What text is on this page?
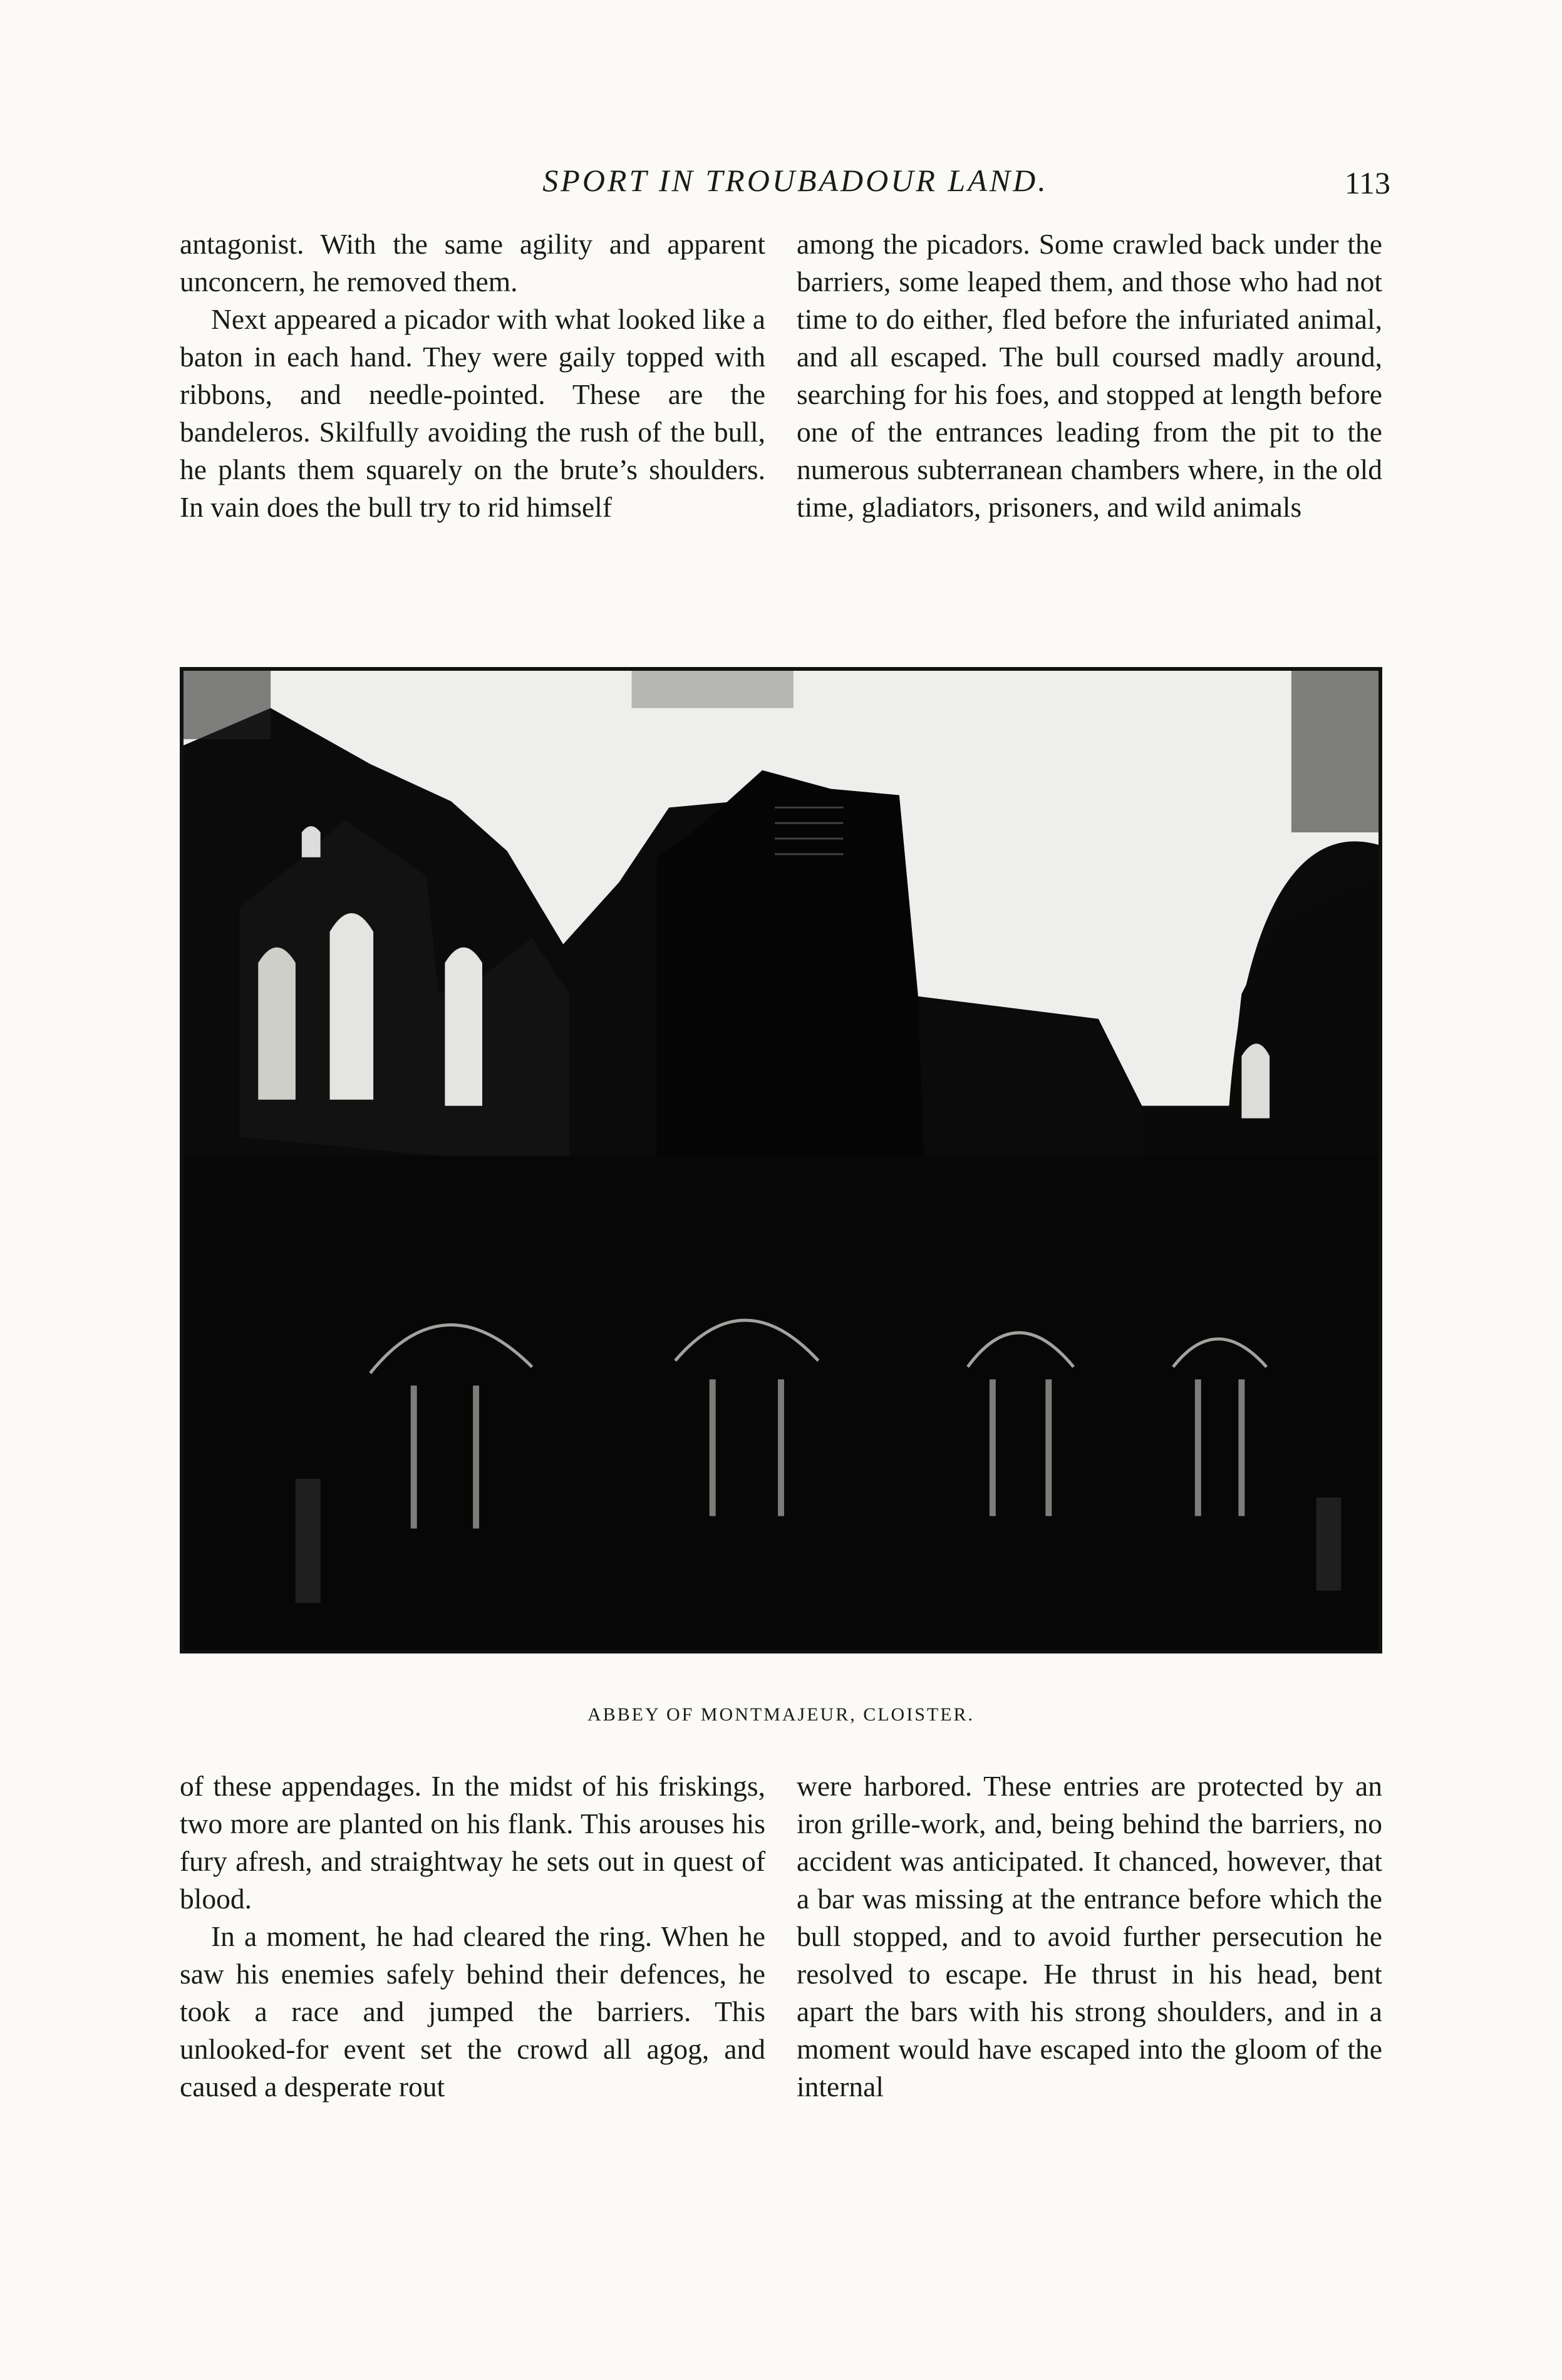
SPORT IN TROUBADOUR LAND.	113

antagonist. With the same agility and apparent unconcern, he removed them.

Next appeared a picador with what looked like a baton in each hand. They were gaily topped with ribbons, and needle-pointed. These are the bandeleros. Skilfully avoiding the rush of the bull, he plants them squarely on the brute’s shoulders. In vain does the bull try to rid himself

among the picadors. Some crawled back under the barriers, some leaped them, and those who had not time to do either, fled before the infuriated animal, and all escaped. The bull coursed madly around, searching for his foes, and stopped at length before one of the entrances leading from the pit to the numerous subterranean chambers where, in the old time, gladiators, prisoners, and wild animals

ABBEY OF MONTMAJEUR, CLOISTER.

of these appendages. In the midst of his friskings, two more are planted on his flank. This arouses his fury afresh, and straightway he sets out in quest of blood.

In a moment, he had cleared the ring. When he saw his enemies safely behind their defences, he took a race and jumped the barriers. This unlooked-for event set the crowd all agog, and caused a desperate rout

were harbored. These entries are protected by an iron grille-work, and, being behind the barriers, no accident was anticipated. It chanced, however, that a bar was missing at the entrance before which the bull stopped, and to avoid further persecution he resolved to escape. He thrust in his head, bent apart the bars with his strong shoulders, and in a moment would have escaped into the gloom of the internal
